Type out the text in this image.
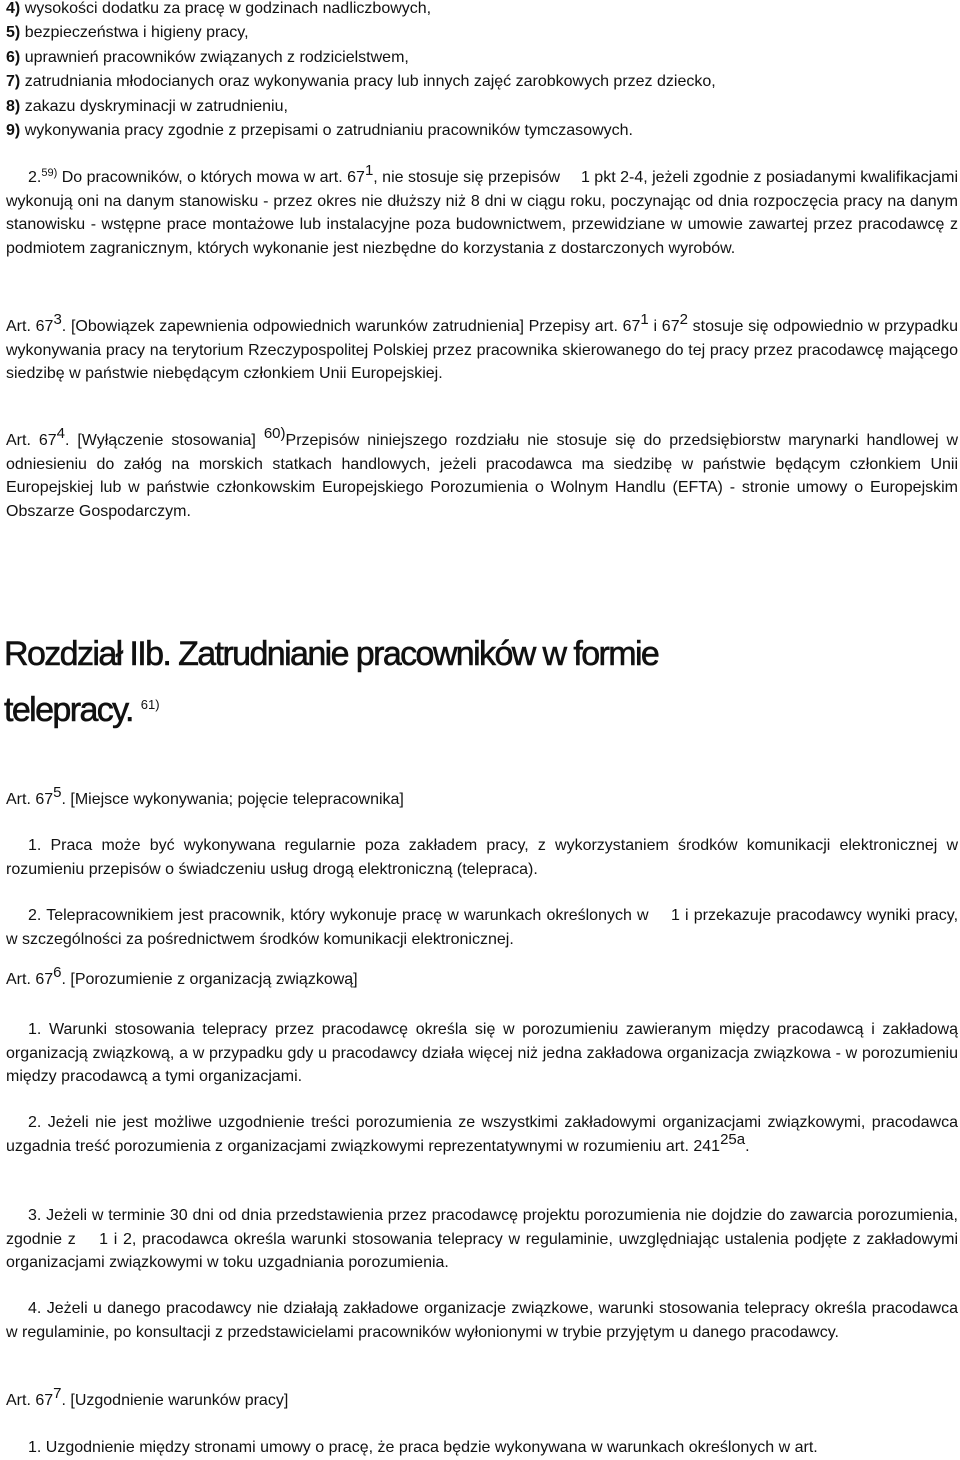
4) wysokości dodatku za pracę w godzinach nadliczbowych,
5) bezpieczeństwa i higieny pracy,
6) uprawnień pracowników związanych z rodzicielstwem,
7) zatrudniania młodocianych oraz wykonywania pracy lub innych zajęć zarobkowych przez dziecko,
8) zakazu dyskryminacji w zatrudnieniu,
9) wykonywania pracy zgodnie z przepisami o zatrudnianiu pracowników tymczasowych.
2.$^{59)}$ Do pracowników, o których mowa w art. $67^1$, nie stosuje się przepisów 1 pkt 2-4, jeżeli zgodnie z posiadanymi kwalifikacjami wykonują oni na danym stanowisku - przez okres nie dłuższy niż 8 dni w ciągu roku, poczynając od dnia rozpoczęcia pracy na danym stanowisku - wstępne prace montażowe lub instalacyjne poza budownictwem, przewidziane w umowie zawartej przez pracodawcę z podmiotem zagranicznym, których wykonanie jest niezbędne do korzystania z dostarczonych wyrobów.
Art. $67^3$. [Obowiązek zapewnienia odpowiednich warunków zatrudnienia] Przepisy art. $67^1$ i $67^2$ stosuje się odpowiednio w przypadku wykonywania pracy na terytorium Rzeczypospolitej Polskiej przez pracownika skierowanego do tej pracy przez pracodawcę mającego siedzibę w państwie niebędącym członkiem Unii Europejskiej.
Art. $67^4$. [Wyłączenie stosowania] $^{60)}$Przepisów niniejszego rozdziału nie stosuje się do przedsiębiorstw marynarki handlowej w odniesieniu do załóg na morskich statkach handlowych, jeżeli pracodawca ma siedzibę w państwie będącym członkiem Unii Europejskiej lub w państwie członkowskim Europejskiego Porozumienia o Wolnym Handlu (EFTA) - stronie umowy o Europejskim Obszarze Gospodarczym.
Rozdział IIb. Zatrudnianie pracowników w formie
telepracy. $^{61)}$
Art. $67^5$. [Miejsce wykonywania; pojęcie telepracownika]
1. Praca może być wykonywana regularnie poza zakładem pracy, z wykorzystaniem środków komunikacji elektronicznej w rozumieniu przepisów o świadczeniu usług drogą elektroniczną (telepraca).
2. Telepracownikiem jest pracownik, który wykonuje pracę w warunkach określonych w 1 i przekazuje pracodawcy wyniki pracy, w szczególności za pośrednictwem środków komunikacji elektronicznej.
Art. $67^6$. [Porozumienie z organizacją związkową]
1. Warunki stosowania telepracy przez pracodawcę określa się w porozumieniu zawieranym między pracodawcą i zakładową organizacją związkową, a w przypadku gdy u pracodawcy działa więcej niż jedna zakładowa organizacja związkowa - w porozumieniu między pracodawcą a tymi organizacjami.
2. Jeżeli nie jest możliwe uzgodnienie treści porozumienia ze wszystkimi zakładowymi organizacjami związkowymi, pracodawca uzgadnia treść porozumienia z organizacjami związkowymi reprezentatywnymi w rozumieniu art. $241^{25a}$.
3. Jeżeli w terminie 30 dni od dnia przedstawienia przez pracodawcę projektu porozumienia nie dojdzie do zawarcia porozumienia, zgodnie z 1 i 2, pracodawca określa warunki stosowania telepracy w regulaminie, uwzględniając ustalenia podjęte z zakładowymi organizacjami związkowymi w toku uzgadniania porozumienia.
4. Jeżeli u danego pracodawcy nie działają zakładowe organizacje związkowe, warunki stosowania telepracy określa pracodawca w regulaminie, po konsultacji z przedstawicielami pracowników wyłonionymi w trybie przyjętym u danego pracodawcy.
Art. $67^7$. [Uzgodnienie warunków pracy]
1. Uzgodnienie między stronami umowy o pracę, że praca będzie wykonywana w warunkach określonych w art.
